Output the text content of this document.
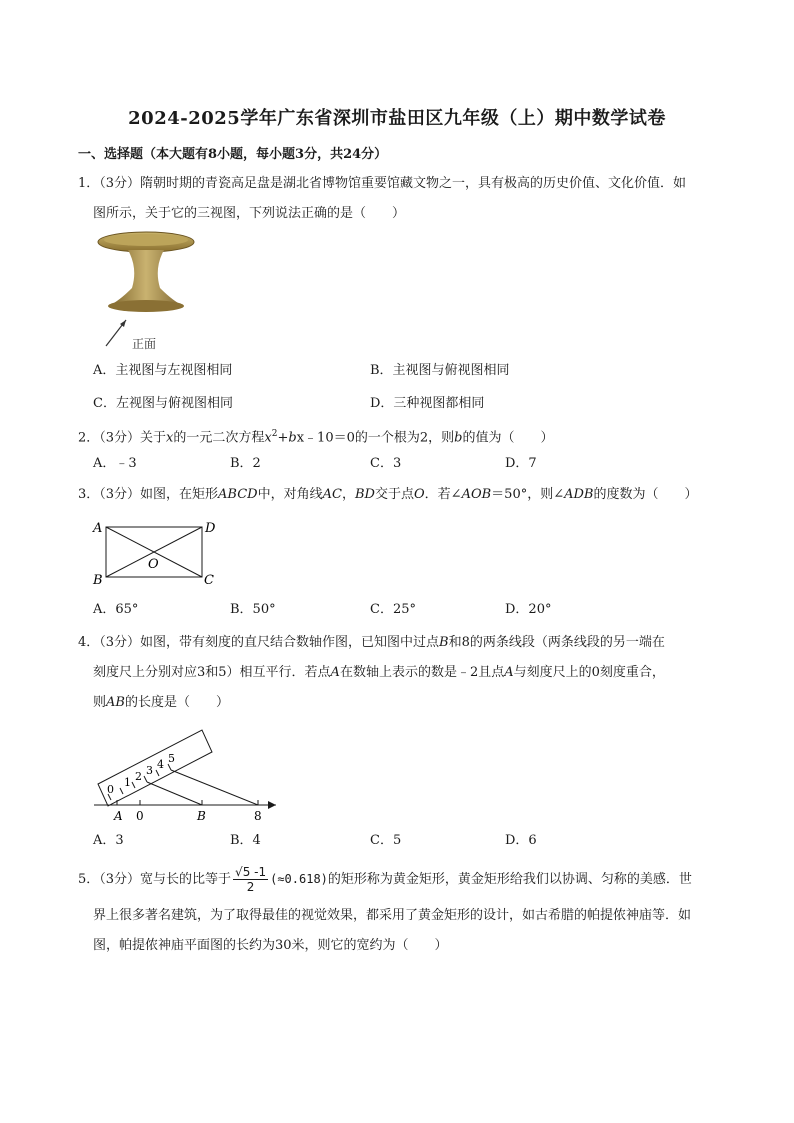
2024-2025学年广东省深圳市盐田区九年级（上）期中数学试卷
一、选择题（本大题有8小题，每小题3分，共24分）
1．（3分）隋朝时期的青瓷高足盘是湖北省博物馆重要馆藏文物之一，具有极高的历史价值、文化价值．如
图所示，关于它的三视图，下列说法正确的是（　　）
正面
A．主视图与左视图相同	B．主视图与俯视图相同
C．左视图与俯视图相同	D．三种视图都相同
2．（3分）关于x的一元二次方程$x^2+bx﹣10=0$的一个根为2，则b的值为（　　）
A．﹣3	B．2	C．3	D．7
3．（3分）如图，在矩形ABCD中，对角线AC，BD交于点O．若∠AOB＝50°，则∠ADB的度数为（　　）
A	D
B	C
O
A．65°	B．50°	C．25°	D．20°
4．（3分）如图，带有刻度的直尺结合数轴作图，已知图中过点B和8的两条线段（两条线段的另一端在
刻度尺上分别对应3和5）相互平行．若点A在数轴上表示的数是﹣2且点A与刻度尺上的0刻度重合，
则AB的长度是（　　）
0
1 2 3 4 5
A 0	B	8
A．3	B．4	C．5	D．6
5．（3分）宽与长的比等于 $\frac{√5 -1}{2} (\approx 0.618)$的矩形称为黄金矩形，黄金矩形给我们以协调、匀称的美感．世
界上很多著名建筑，为了取得最佳的视觉效果，都采用了黄金矩形的设计，如古希腊的帕提侬神庙等．如
图，帕提侬神庙平面图的长约为30米，则它的宽约为（　　）
